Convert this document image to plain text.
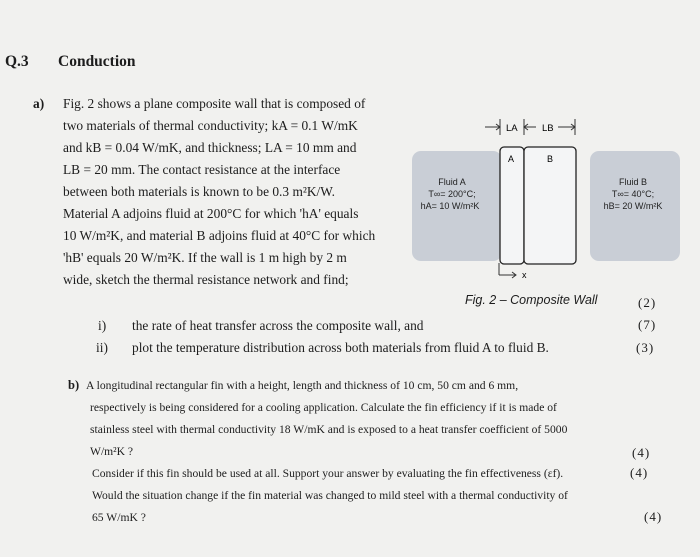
Q.3 Conduction
a) Fig. 2 shows a plane composite wall that is composed of
two materials of thermal conductivity; kA = 0.1 W/mK
and kB = 0.04 W/mK, and thickness; LA = 10 mm and
LB = 20 mm. The contact resistance at the interface
between both materials is known to be 0.3 m²K/W.
Material A adjoins fluid at 200°C for which 'hA' equals
10 W/m²K, and material B adjoins fluid at 40°C for which
'hB' equals 20 W/m²K. If the wall is 1 m high by 2 m
wide, sketch the thermal resistance network and find;
(2)
i) the rate of heat transfer across the composite wall, and	(7)
ii) plot the temperature distribution across both materials from fluid A to fluid B.	(3)
LA	LB
A	B
Fluid A
T∞= 200°C;
hA= 10 W/m²K
Fluid B
T∞= 40°C;
hB= 20 W/m²K
x
Fig. 2 – Composite Wall
b) A longitudinal rectangular fin with a height, length and thickness of 10 cm, 50 cm and 6 mm,
respectively is being considered for a cooling application. Calculate the fin efficiency if it is made of
stainless steel with thermal conductivity 18 W/mK and is exposed to a heat transfer coefficient of 5000
W/m²K ?	(4)
Consider if this fin should be used at all. Support your answer by evaluating the fin effectiveness (εf).	(4)
Would the situation change if the fin material was changed to mild steel with a thermal conductivity of
65 W/mK ?	(4)
